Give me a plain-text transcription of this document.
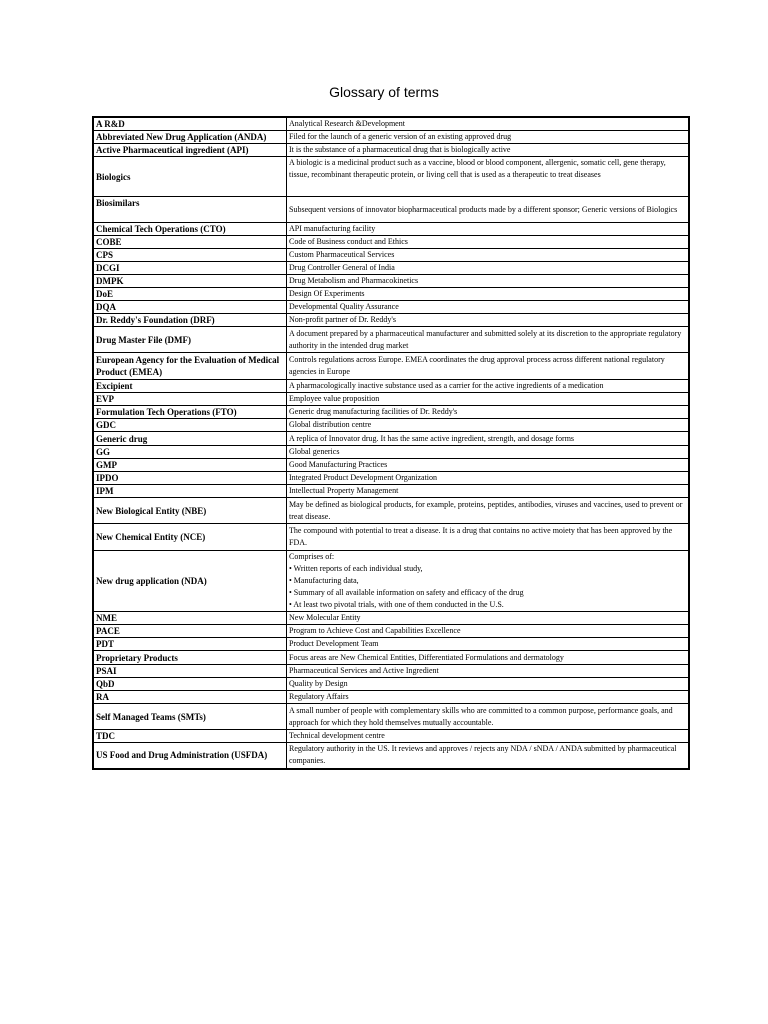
Glossary of terms
A R&D	Analytical Research &Development

Abbreviated New Drug Application (ANDA)	Filed for the launch of a generic version of an existing approved drug

Active Pharmaceutical ingredient (API)	It is the substance of a pharmaceutical drug that is biologically active

Biologics	A biologic is a medicinal product such as a vaccine, blood or blood component, allergenic, somatic cell, gene therapy, tissue, recombinant therapeutic protein, or living cell that is used as a therapeutic to treat diseases

Biosimilars	Subsequent versions of innovator biopharmaceutical products made by a different sponsor; Generic versions of Biologics

Chemical Tech Operations (CTO)	API manufacturing facility

COBE	Code of Business conduct and Ethics

CPS	Custom Pharmaceutical Services

DCGI	Drug Controller General of India

DMPK	Drug Metabolism and Pharmacokinetics

DoE	Design Of Experiments

DQA	Developmental Quality Assurance

Dr. Reddy's Foundation (DRF)	Non-profit partner of Dr. Reddy's

Drug Master File (DMF)	A document prepared by a pharmaceutical manufacturer and submitted solely at its discretion to the appropriate regulatory authority in the intended drug market

European Agency for the Evaluation of Medical Product (EMEA)	Controls regulations across Europe. EMEA coordinates the drug approval process across different national regulatory agencies in Europe

Excipient	A pharmacologically inactive substance used as a carrier for the active ingredients of a medication

EVP	Employee value proposition

Formulation Tech Operations (FTO)	Generic drug manufacturing facilities of Dr. Reddy's

GDC	Global distribution centre

Generic drug	A replica of Innovator drug. It has the same active ingredient, strength, and dosage forms

GG	Global generics

GMP	Good Manufacturing Practices

IPDO	Integrated Product Development Organization

IPM	Intellectual Property Management

New Biological Entity (NBE)	May be defined as biological products, for example, proteins, peptides, antibodies, viruses and vaccines, used to prevent or treat disease.

New Chemical Entity (NCE)	The compound with potential to treat a disease. It is a drug that contains no active moiety that has been approved by the FDA.

New drug application (NDA)	Comprises of:
• Written reports of each individual study,
• Manufacturing data,
• Summary of all available information on safety and efficacy of the drug
• At least two pivotal trials, with one of them conducted in the U.S.

NME	New Molecular Entity

PACE	Program to Achieve Cost and Capabilities Excellence

PDT	Product Development Team

Proprietary Products	Focus areas are New Chemical Entities, Differentiated Formulations and dermatology

PSAI	Pharmaceutical Services and Active Ingredient

QbD	Quality by Design

RA	Regulatory Affairs

Self Managed Teams (SMTs)	A small number of people with complementary skills who are committed to a common purpose, performance goals, and approach for which they hold themselves mutually accountable.

TDC	Technical development centre

US Food and Drug Administration (USFDA)	Regulatory authority in the US. It reviews and approves / rejects any NDA / sNDA / ANDA submitted by pharmaceutical companies.
